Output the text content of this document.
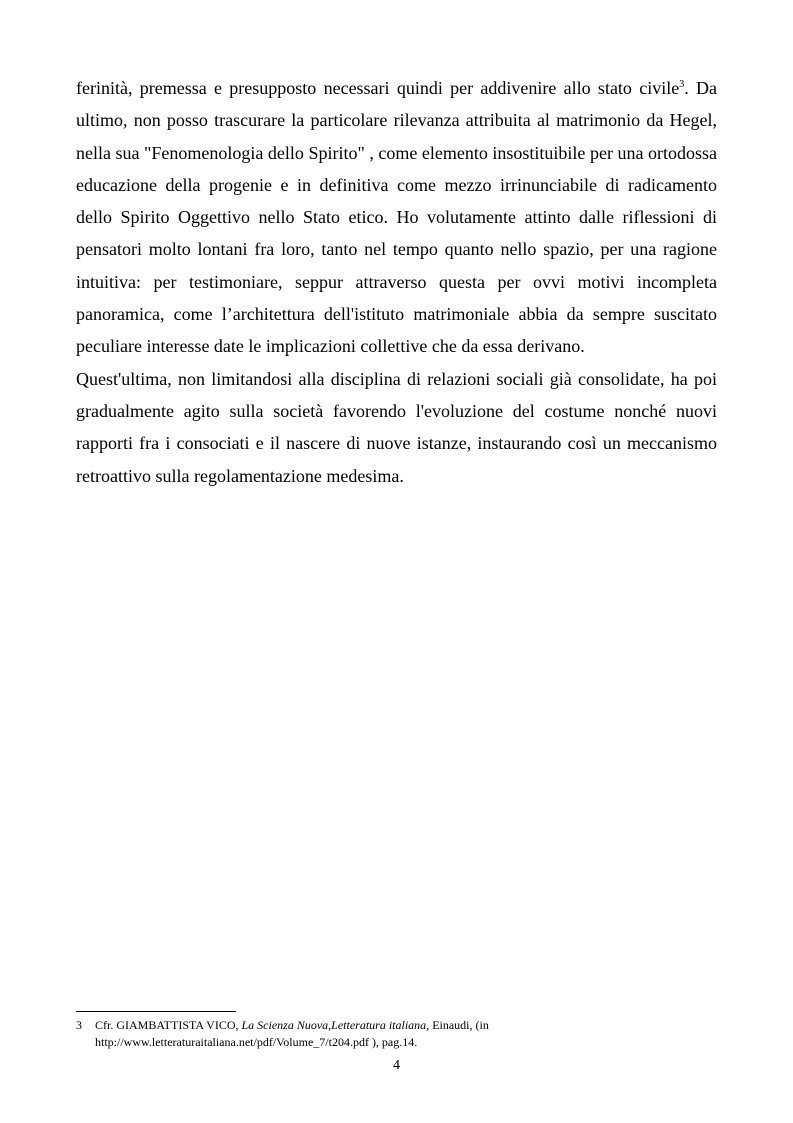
ferinità, premessa e presupposto necessari quindi per addivenire allo stato civile$^3$. Da ultimo, non posso trascurare la particolare rilevanza attribuita al matrimonio da Hegel, nella sua "Fenomenologia dello Spirito" , come elemento insostituibile per una ortodossa educazione della progenie e in definitiva come mezzo irrinunciabile di radicamento dello Spirito Oggettivo nello Stato etico. Ho volutamente attinto dalle riflessioni di pensatori molto lontani fra loro, tanto nel tempo quanto nello spazio, per una ragione intuitiva: per testimoniare, seppur attraverso questa per ovvi motivi incompleta panoramica, come l’architettura dell'istituto matrimoniale abbia da sempre suscitato peculiare interesse date le implicazioni collettive che da essa derivano.

Quest'ultima, non limitandosi alla disciplina di relazioni sociali già consolidate, ha poi gradualmente agito sulla società favorendo l'evoluzione del costume nonché nuovi rapporti fra i consociati e il nascere di nuove istanze, instaurando così un meccanismo retroattivo sulla regolamentazione medesima.

3 Cfr. GIAMBATTISTA VICO, La Scienza Nuova,Letteratura italiana, Einaudi, (in http://www.letteraturaitaliana.net/pdf/Volume_7/t204.pdf ), pag.14.
4
